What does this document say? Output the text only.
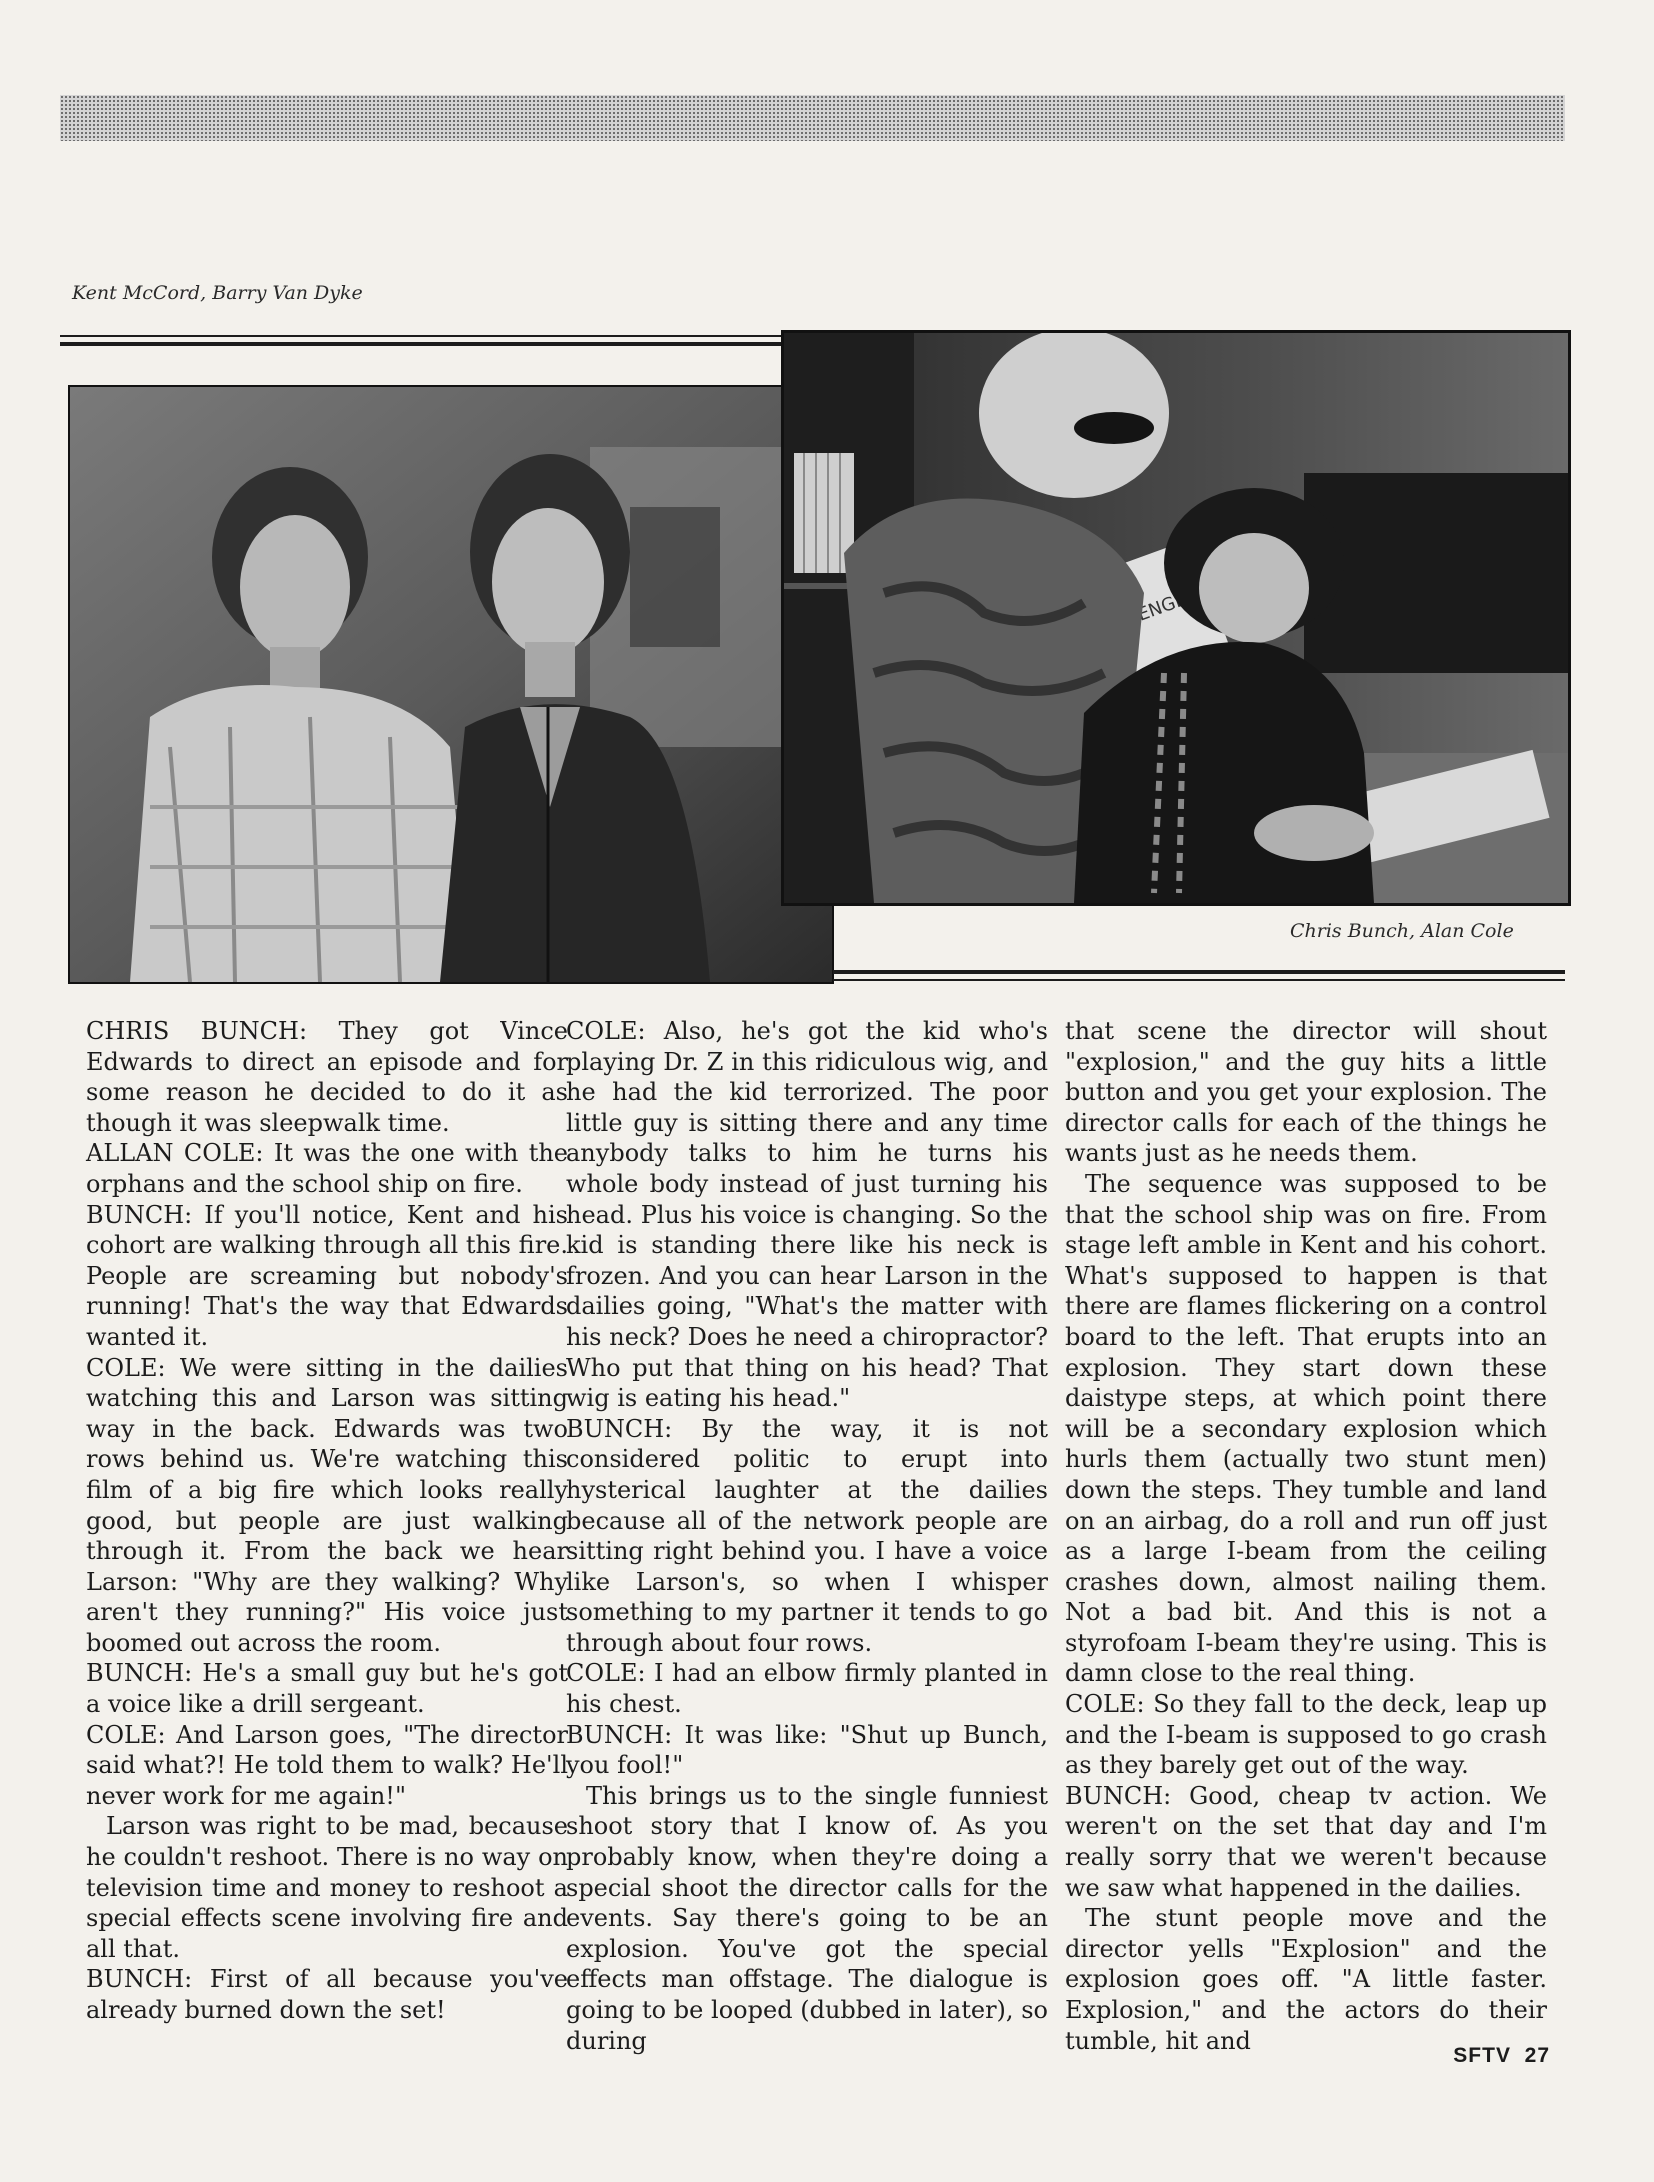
Kent McCord, Barry Van Dyke
Chris Bunch, Alan Cole

CHRIS BUNCH: They got Vince Edwards to direct an episode and for some reason he decided to do it as though it was sleepwalk time.

ALLAN COLE: It was the one with the orphans and the school ship on fire.

BUNCH: If you'll notice, Kent and his cohort are walking through all this fire. People are screaming but nobody's running! That's the way that Edwards wanted it.

COLE: We were sitting in the dailies watching this and Larson was sitting way in the back. Edwards was two rows behind us. We're watching this film of a big fire which looks really good, but people are just walking through it. From the back we hear Larson: "Why are they walking? Why aren't they running?" His voice just boomed out across the room.

BUNCH: He's a small guy but he's got a voice like a drill sergeant.

COLE: And Larson goes, "The director said what?! He told them to walk? He'll never work for me again!"

Larson was right to be mad, because he couldn't reshoot. There is no way on television time and money to reshoot a special effects scene involving fire and all that.

BUNCH: First of all because you've already burned down the set!

COLE: Also, he's got the kid who's playing Dr. Z in this ridiculous wig, and he had the kid terrorized. The poor little guy is sitting there and any time anybody talks to him he turns his whole body instead of just turning his head. Plus his voice is changing. So the kid is standing there like his neck is frozen. And you can hear Larson in the dailies going, "What's the matter with his neck? Does he need a chiropractor? Who put that thing on his head? That wig is eating his head."

BUNCH: By the way, it is not considered politic to erupt into hysterical laughter at the dailies because all of the network people are sitting right behind you. I have a voice like Larson's, so when I whisper something to my partner it tends to go through about four rows.

COLE: I had an elbow firmly planted in his chest.

BUNCH: It was like: "Shut up Bunch, you fool!"

This brings us to the single funniest shoot story that I know of. As you probably know, when they're doing a special shoot the director calls for the events. Say there's going to be an explosion. You've got the special effects man offstage. The dialogue is going to be looped (dubbed in later), so during

that scene the director will shout "explosion," and the guy hits a little button and you get your explosion. The director calls for each of the things he wants just as he needs them.

The sequence was supposed to be that the school ship was on fire. From stage left amble in Kent and his cohort. What's supposed to happen is that there are flames flickering on a control board to the left. That erupts into an explosion. They start down these daistype steps, at which point there will be a secondary explosion which hurls them (actually two stunt men) down the steps. They tumble and land on an airbag, do a roll and run off just as a large I-beam from the ceiling crashes down, almost nailing them. Not a bad bit. And this is not a styrofoam I-beam they're using. This is damn close to the real thing.

COLE: So they fall to the deck, leap up and the I-beam is supposed to go crash as they barely get out of the way.

BUNCH: Good, cheap tv action. We weren't on the set that day and I'm really sorry that we weren't because we saw what happened in the dailies.

The stunt people move and the director yells "Explosion" and the explosion goes off. "A little faster. Explosion," and the actors do their tumble, hit and

SFTV 27
